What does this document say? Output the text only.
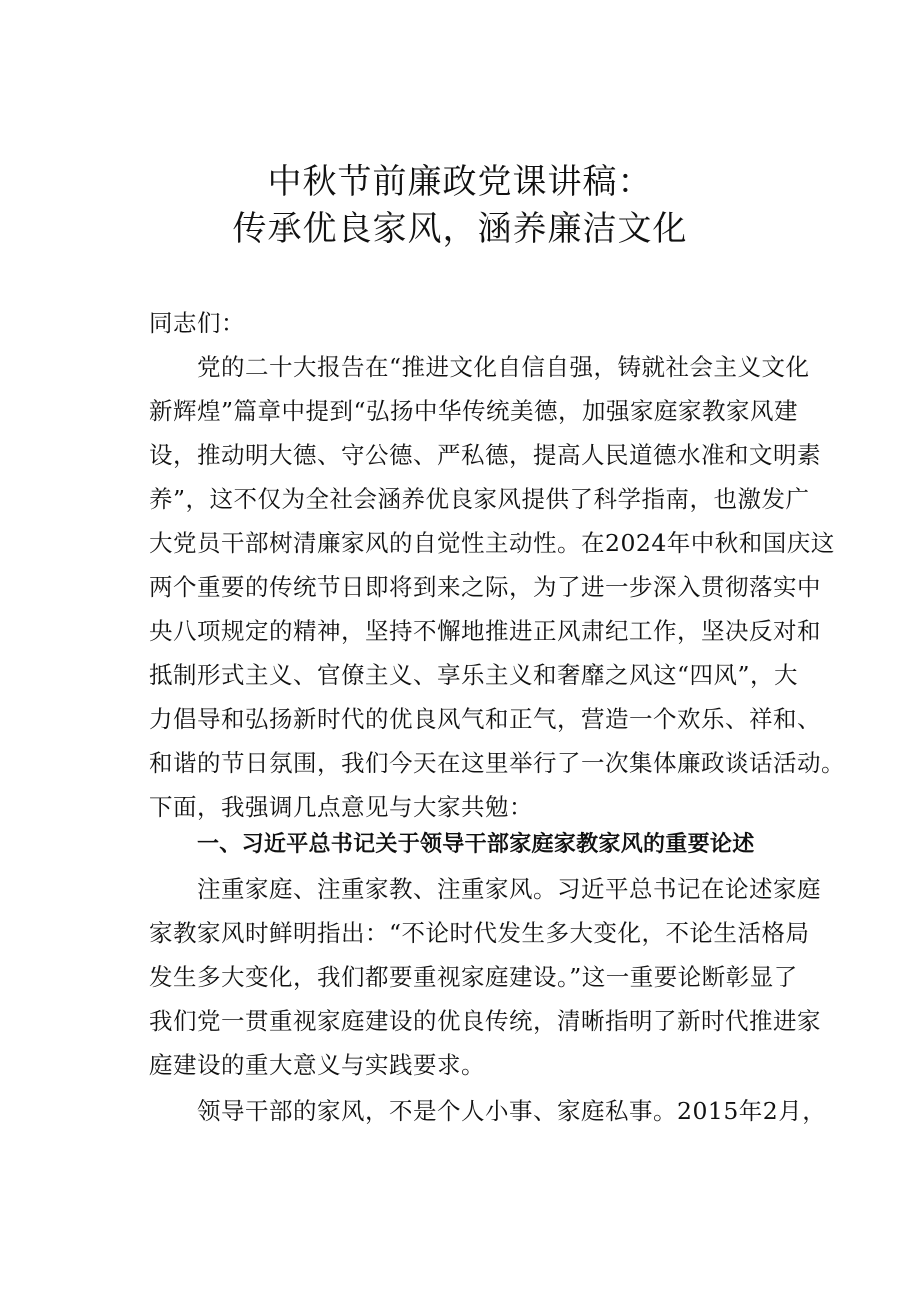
中秋节前廉政党课讲稿：
传承优良家风，涵养廉洁文化
同志们：
党的二十大报告在“推进文化自信自强，铸就社会主义文化
新辉煌”篇章中提到“弘扬中华传统美德，加强家庭家教家风建
设，推动明大德、守公德、严私德，提高人民道德水准和文明素
养”，这不仅为全社会涵养优良家风提供了科学指南，也激发广
大党员干部树清廉家风的自觉性主动性。在2024年中秋和国庆这
两个重要的传统节日即将到来之际，为了进一步深入贯彻落实中
央八项规定的精神，坚持不懈地推进正风肃纪工作，坚决反对和
抵制形式主义、官僚主义、享乐主义和奢靡之风这“四风”，大
力倡导和弘扬新时代的优良风气和正气，营造一个欢乐、祥和、
和谐的节日氛围，我们今天在这里举行了一次集体廉政谈话活动。
下面，我强调几点意见与大家共勉：
一、习近平总书记关于领导干部家庭家教家风的重要论述
注重家庭、注重家教、注重家风。习近平总书记在论述家庭
家教家风时鲜明指出：“不论时代发生多大变化，不论生活格局
发生多大变化，我们都要重视家庭建设。”这一重要论断彰显了
我们党一贯重视家庭建设的优良传统，清晰指明了新时代推进家
庭建设的重大意义与实践要求。
领导干部的家风，不是个人小事、家庭私事。2015年2月，
